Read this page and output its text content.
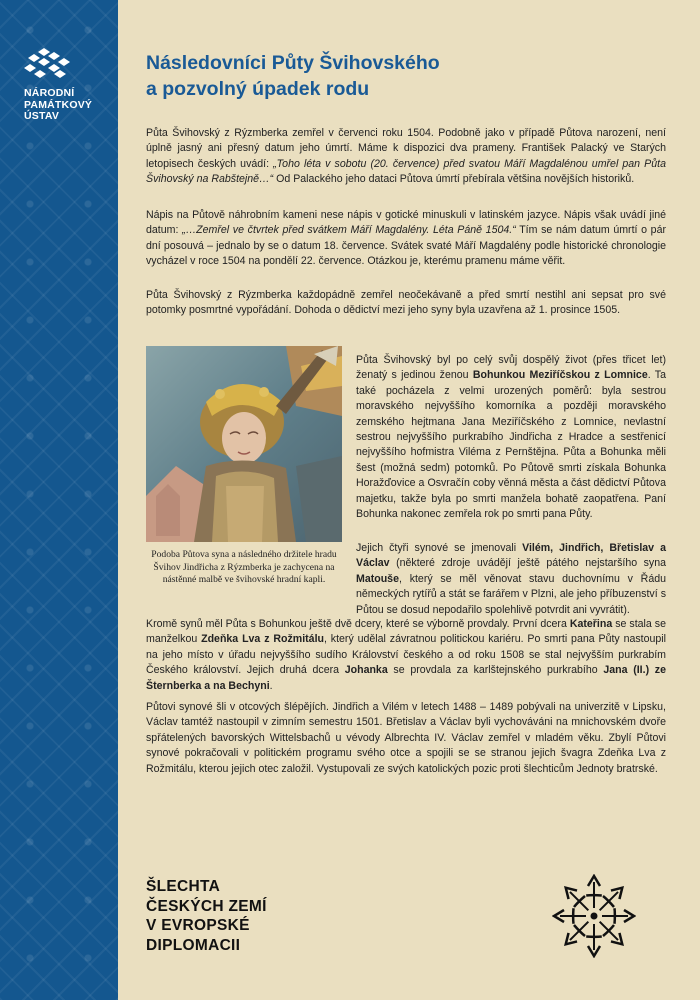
NÁRODNÍ
PAMÁTKOVÝ
ÚSTAV
Následovníci Půty Švihovského
a pozvolný úpadek rodu

Půta Švihovský z Rýzmberka zemřel v červenci roku 1504. Podobně jako v případě Půtova narození, není úplně jasný ani přesný datum jeho úmrtí. Máme k dispozici dva prameny. František Palacký ve Starých letopisech českých uvádí: „Toho léta v sobotu (20. července) před svatou Máří Magdalénou umřel pan Půta Švihovský na Rabštejně…“ Od Palackého jeho dataci Půtova úmrtí přebírala většina novějších historiků.

Nápis na Půtově náhrobním kameni nese nápis v gotické minuskuli v latinském jazyce. Nápis však uvádí jiné datum: „…Zemřel ve čtvrtek před svátkem Máří Magdalény. Léta Páně 1504.“ Tím se nám datum úmrtí o pár dní posouvá – jednalo by se o datum 18. července. Svátek svaté Máří Magdalény podle historické chronologie vycházel v roce 1504 na pondělí 22. července. Otázkou je, kterému pramenu máme věřit.

Půta Švihovský z Rýzmberka každopádně zemřel neočekávaně a před smrtí nestihl ani sepsat pro své potomky posmrtné vypořádání. Dohoda o dědictví mezi jeho syny byla uzavřena až 1. prosince 1505.

Podoba Půtova syna a následného držitele hradu Švihov Jindřicha z Rýzmberka je zachycena na nástěnné malbě ve švihovské hradní kapli.

Půta Švihovský byl po celý svůj dospělý život (přes třicet let) ženatý s jedinou ženou Bohunkou Meziříčskou z Lomnice. Ta také pocházela z velmi urozených poměrů: byla sestrou moravského nejvyššího komorníka a později moravského zemského hejtmana Jana Meziříčského z Lomnice, nevlastní sestrou nejvyššího purkrabího Jindřicha z Hradce a sestřenicí nejvyššího hofmistra Viléma z Pernštějna. Půta a Bohunka měli šest (možná sedm) potomků. Po Půtově smrti získala Bohunka Horažďovice a Osvračín coby věnná města a část dědictví Půtova majetku, takže byla po smrti manžela bohatě zaopatřena. Paní Bohunka nakonec zemřela rok po smrti pana Půty.

Jejich čtyři synové se jmenovali Vilém, Jindřich, Břetislav a Václav (některé zdroje uvádějí ještě pátého nejstaršího syna Matouše, který se měl věnovat stavu duchovnímu v Řádu německých rytířů a stát se farářem v Plzni, ale jeho příbuzenství s Půtou se dosud nepodařilo spolehlivě potvrdit ani vyvrátit).

Kromě synů měl Půta s Bohunkou ještě dvě dcery, které se výborně provdaly. První dcera Kateřina se stala se manželkou Zdeňka Lva z Rožmitálu, který udělal závratnou politickou kariéru. Po smrti pana Půty nastoupil na jeho místo v úřadu nejvyššího sudího Království českého a od roku 1508 se stal nejvyšším purkrabím Českého království. Jejich druhá dcera Johanka se provdala za karlštejnského purkrabího Jana (II.) ze Šternberka a na Bechyni.

Půtovi synové šli v otcových šlépějích. Jindřich a Vilém v letech 1488 – 1489 pobývali na univerzitě v Lipsku, Václav tamtéž nastoupil v zimním semestru 1501. Břetislav a Václav byli vychováváni na mnichovském dvoře spřátelených bavorských Wittelsbachů u vévody Albrechta IV. Václav zemřel v mladém věku. Zbylí Půtovi synové pokračovali v politickém programu svého otce a spojili se se stranou jejich švagra Zdeňka Lva z Rožmitálu, kterou jejich otec založil. Vystupovali ze svých katolických pozic proti šlechticům Jednoty bratrské.

ŠLECHTA
ČESKÝCH ZEMÍ
V EVROPSKÉ
DIPLOMACII
